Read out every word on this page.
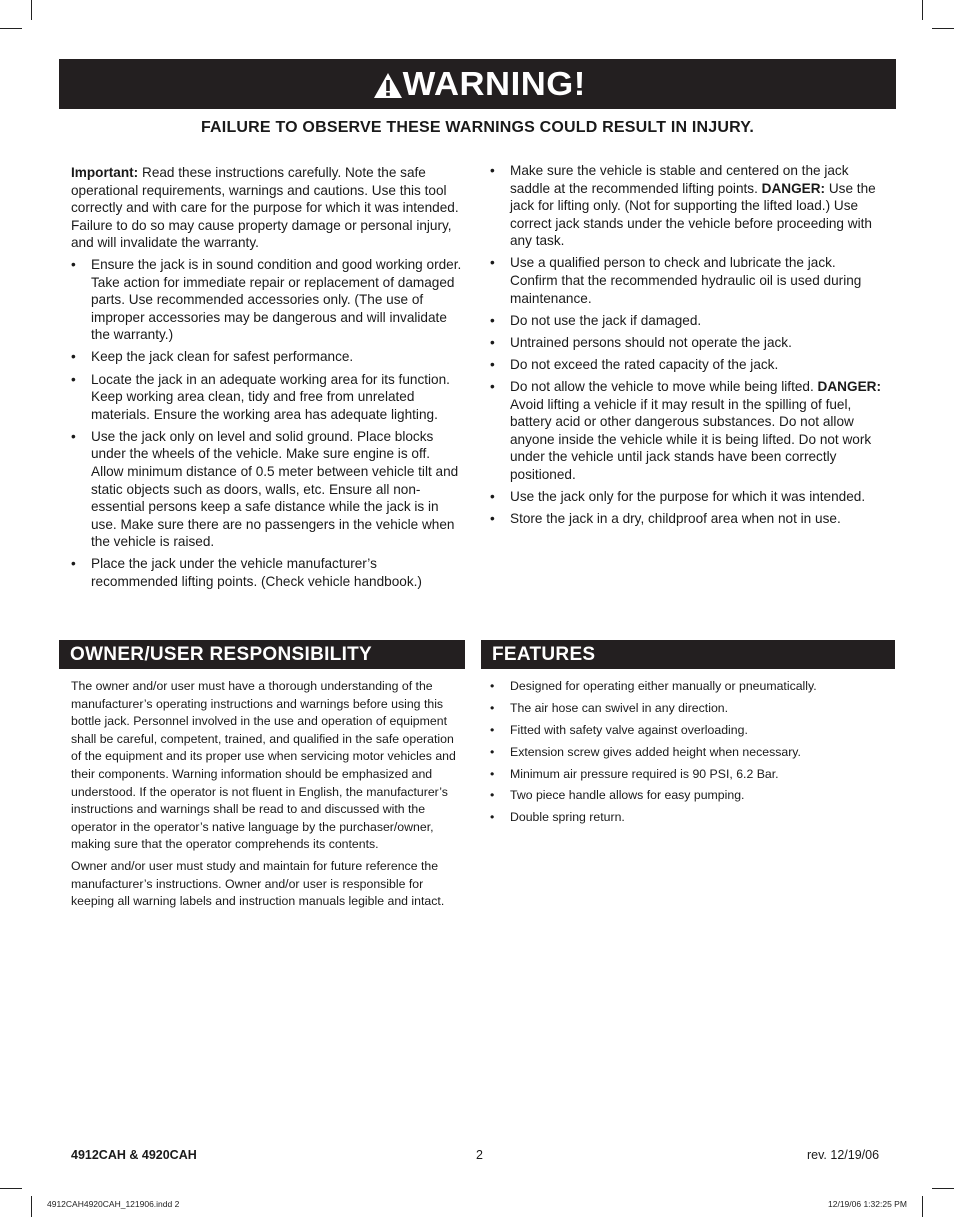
WARNING!
FAILURE TO OBSERVE THESE WARNINGS COULD RESULT IN INJURY.

Important: Read these instructions carefully. Note the safe operational requirements, warnings and cautions. Use this tool correctly and with care for the purpose for which it was intended. Failure to do so may cause property damage or personal injury, and will invalidate the warranty.

• Ensure the jack is in sound condition and good working order. Take action for immediate repair or replacement of damaged parts. Use recommended accessories only. (The use of improper accessories may be dangerous and will invalidate the warranty.)
• Keep the jack clean for safest performance.
• Locate the jack in an adequate working area for its function. Keep working area clean, tidy and free from unrelated materials. Ensure the working area has adequate lighting.
• Use the jack only on level and solid ground. Place blocks under the wheels of the vehicle. Make sure engine is off. Allow minimum distance of 0.5 meter between vehicle tilt and static objects such as doors, walls, etc. Ensure all non-essential persons keep a safe distance while the jack is in use. Make sure there are no passengers in the vehicle when the vehicle is raised.
• Place the jack under the vehicle manufacturer’s recommended lifting points. (Check vehicle handbook.)
• Make sure the vehicle is stable and centered on the jack saddle at the recommended lifting points. DANGER: Use the jack for lifting only. (Not for supporting the lifted load.) Use correct jack stands under the vehicle before proceeding with any task.
• Use a qualified person to check and lubricate the jack. Confirm that the recommended hydraulic oil is used during maintenance.
• Do not use the jack if damaged.
• Untrained persons should not operate the jack.
• Do not exceed the rated capacity of the jack.
• Do not allow the vehicle to move while being lifted. DANGER: Avoid lifting a vehicle if it may result in the spilling of fuel, battery acid or other dangerous substances. Do not allow anyone inside the vehicle while it is being lifted. Do not work under the vehicle until jack stands have been correctly positioned.
• Use the jack only for the purpose for which it was intended.
• Store the jack in a dry, childproof area when not in use.
OWNER/USER RESPONSIBILITY

The owner and/or user must have a thorough understanding of the manufacturer’s operating instructions and warnings before using this bottle jack. Personnel involved in the use and operation of equipment shall be careful, competent, trained, and qualified in the safe operation of the equipment and its proper use when servicing motor vehicles and their components. Warning information should be emphasized and understood. If the operator is not fluent in English, the manufacturer’s instructions and warnings shall be read to and discussed with the operator in the operator’s native language by the purchaser/owner, making sure that the operator comprehends its contents.

Owner and/or user must study and maintain for future reference the manufacturer’s instructions. Owner and/or user is responsible for keeping all warning labels and instruction manuals legible and intact.

FEATURES
• Designed for operating either manually or pneumatically.
• The air hose can swivel in any direction.
• Fitted with safety valve against overloading.
• Extension screw gives added height when necessary.
• Minimum air pressure required is 90 PSI, 6.2 Bar.
• Two piece handle allows for easy pumping.
• Double spring return.
4912CAH & 4920CAH	2	rev. 12/19/06
4912CAH4920CAH_121906.indd 2	12/19/06 1:32:25 PM
